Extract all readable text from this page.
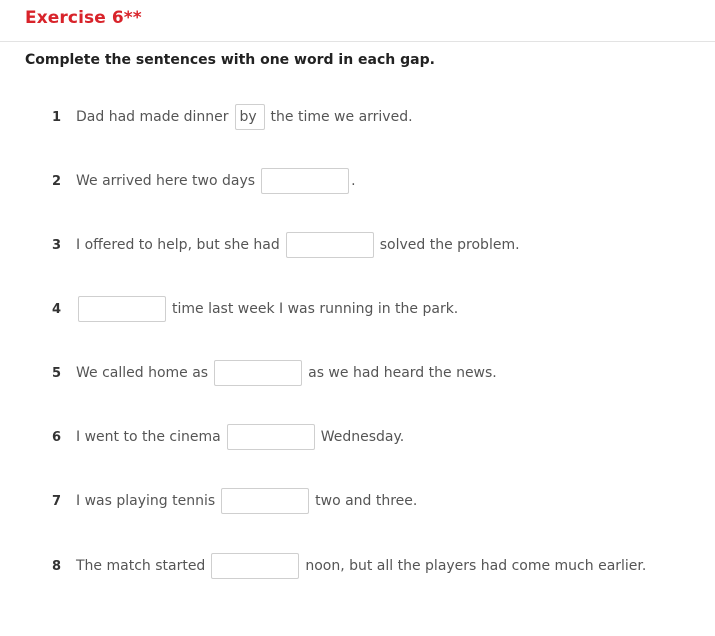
Exercise 6**

Complete the sentences with one word in each gap.

1	Dad had made dinner
by	the time we arrived.
2	We arrived here two days	.
3	I offered to help, but she had	solved the problem.
4	time last week I was running in the park.
5	We called home as	as we had heard the news.
6	I went to the cinema	Wednesday.
7	I was playing tennis	two and three.
8	The match started	noon, but all the players had come much earlier.
